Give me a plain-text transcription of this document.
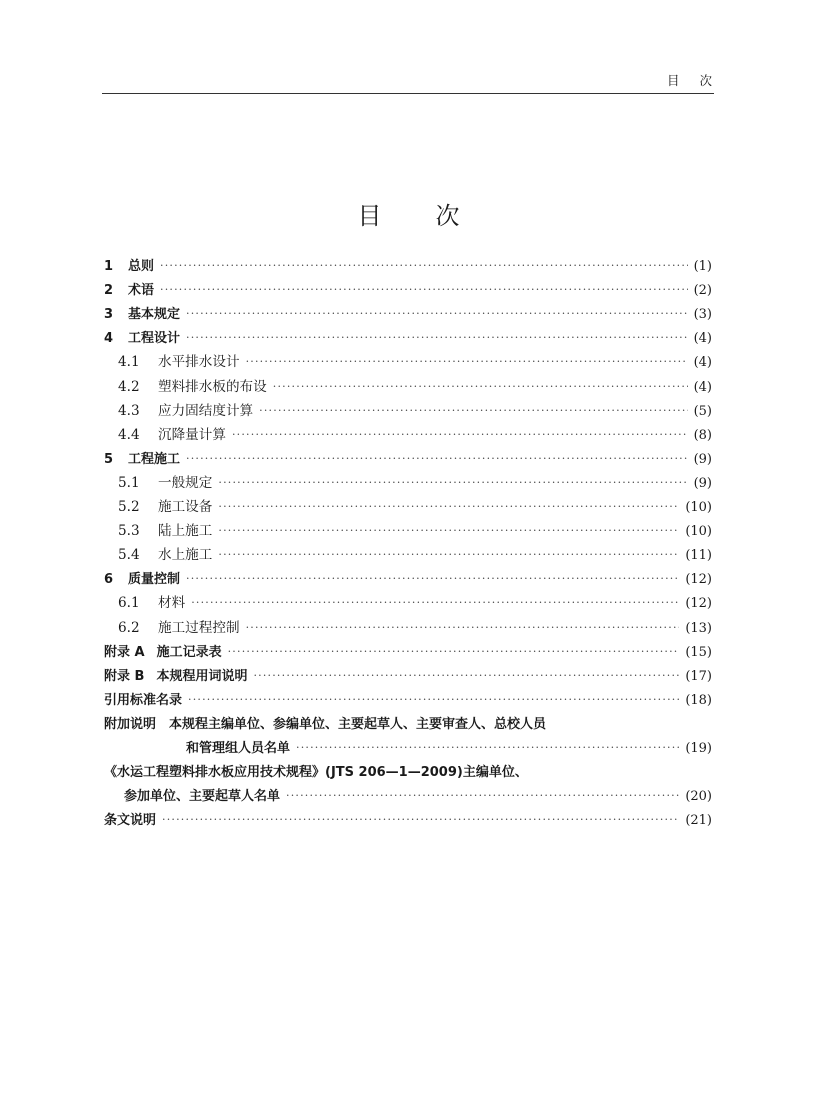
目次
目次
1	总则 ·····	(1)
2	术语 ·····	(2)
3	基本规定 ·····	(3)
4	工程设计 ·····	(4)
4.1	水平排水设计 ·····	(4)
4.2	塑料排水板的布设 ·····	(4)
4.3	应力固结度计算 ·····	(5)
4.4	沉降量计算 ·····	(8)
5	工程施工 ·····	(9)
5.1	一般规定 ·····	(9)
5.2	施工设备 ·····	(10)
5.3	陆上施工 ·····	(10)
5.4	水上施工 ·····	(11)
6	质量控制 ·····	(12)
6.1	材料 ·····	(12)
6.2	施工过程控制 ·····	(13)
附录 A 施工记录表 ·····	(15)
附录 B 本规程用词说明 ·····	(17)
引用标准名录 ·····	(18)
附加说明　本规程主编单位、参编单位、主要起草人、主要审查人、总校人员
和管理组人员名单 ·····	(19)
《水运工程塑料排水板应用技术规程》(JTS 206—1—2009)主编单位、
参加单位、主要起草人名单 ·····	(20)
条文说明 ·····	(21)
